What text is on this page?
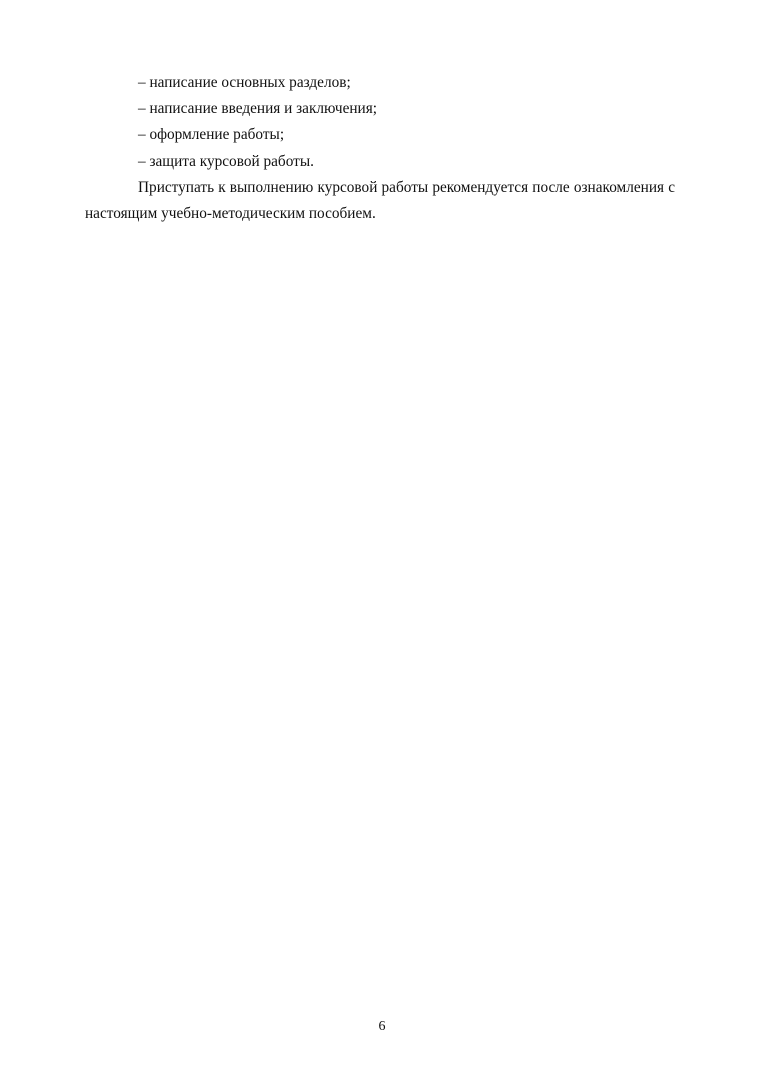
– написание основных разделов;
– написание введения и заключения;
– оформление работы;
– защита курсовой работы.

Приступать к выполнению курсовой работы рекомендуется после ознакомления с настоящим учебно-методическим пособием.

6
